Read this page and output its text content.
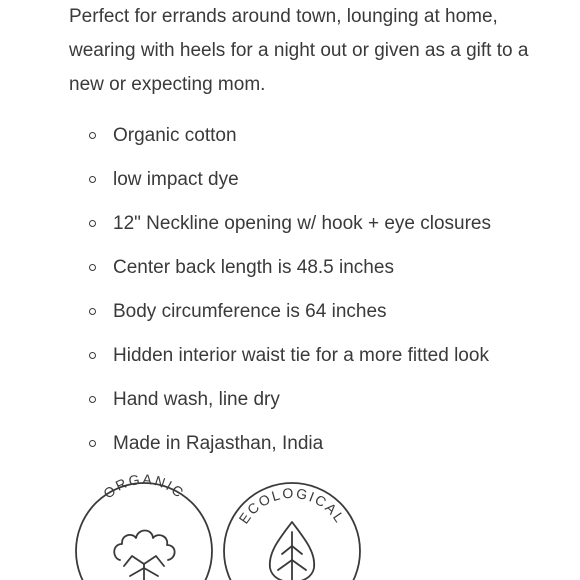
Perfect for errands around town, lounging at home, wearing with heels for a night out or given as a gift to a new or expecting mom.

Organic cotton
low impact dye
12" Neckline opening w/ hook + eye closures
Center back length is 48.5 inches
Body circumference is 64 inches
Hidden interior waist tie for a more fitted look
Hand wash, line dry
Made in Rajasthan, India
ORGANIC
ECOLOGICAL
